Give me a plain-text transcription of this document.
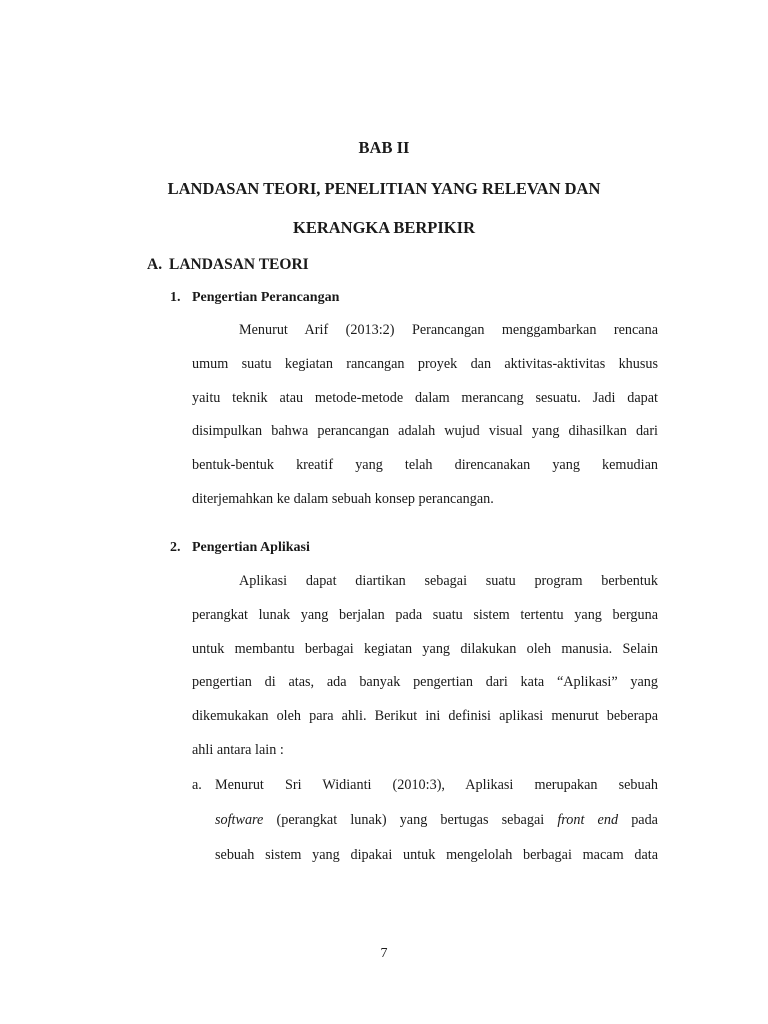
BAB II
LANDASAN TEORI, PENELITIAN YANG RELEVAN DAN
KERANGKA BERPIKIR
A. LANDASAN TEORI
1. Pengertian Perancangan
Menurut Arif (2013:2) Perancangan menggambarkan rencana
umum suatu kegiatan rancangan proyek dan aktivitas-aktivitas khusus
yaitu teknik atau metode-metode dalam merancang sesuatu. Jadi dapat
disimpulkan bahwa perancangan adalah wujud visual yang dihasilkan dari
bentuk-bentuk kreatif yang telah direncanakan yang kemudian
diterjemahkan ke dalam sebuah konsep perancangan.
2. Pengertian Aplikasi
Aplikasi dapat diartikan sebagai suatu program berbentuk
perangkat lunak yang berjalan pada suatu sistem tertentu yang berguna
untuk membantu berbagai kegiatan yang dilakukan oleh manusia. Selain
pengertian di atas, ada banyak pengertian dari kata “Aplikasi” yang
dikemukakan oleh para ahli. Berikut ini definisi aplikasi menurut beberapa
ahli antara lain :
a. Menurut Sri Widianti (2010:3), Aplikasi merupakan sebuah
software (perangkat lunak) yang bertugas sebagai front end pada
sebuah sistem yang dipakai untuk mengelolah berbagai macam data
7
